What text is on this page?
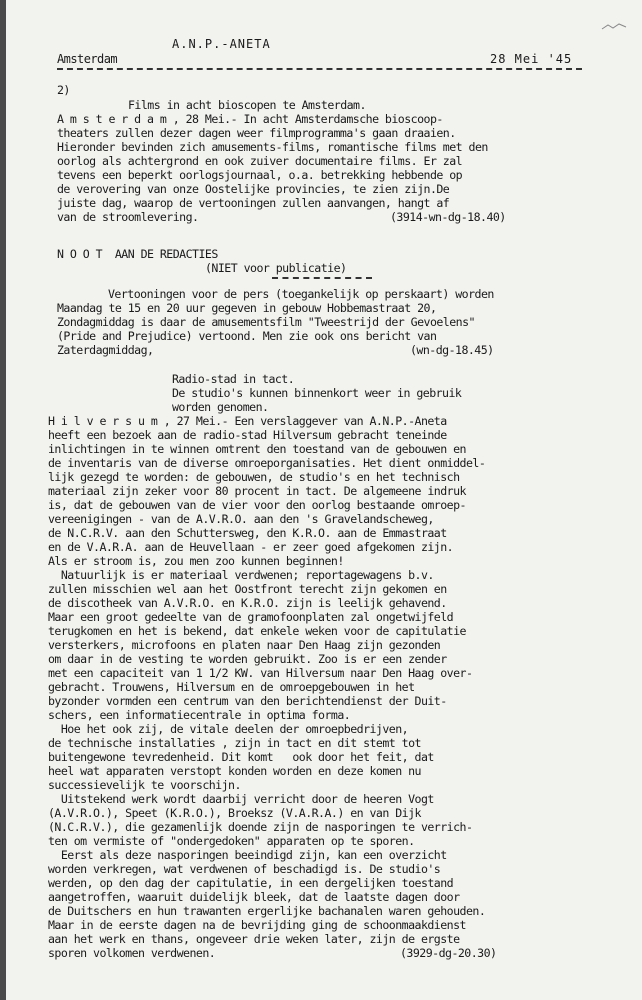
A.N.P.-ANETA
Amsterdam	28 Mei '45
2)
Films in acht bioscopen te Amsterdam.
A m s t e r d a m , 28 Mei.- In acht Amsterdamsche bioscoop-
theaters zullen dezer dagen weer filmprogramma's gaan draaien.
Hieronder bevinden zich amusements-films, romantische films met den
oorlog als achtergrond en ook zuiver documentaire films. Er zal
tevens een beperkt oorlogsjournaal, o.a. betrekking hebbende op
de verovering van onze Oostelijke provincies, te zien zijn.De
juiste dag, waarop de vertooningen zullen aanvangen, hangt af
van de stroomlevering.	(3914-wn-dg-18.40)
N O O T  AAN DE REDACTIES
(NIET voor publicatie)
Vertooningen voor de pers (toegankelijk op perskaart) worden
Maandag te 15 en 20 uur gegeven in gebouw Hobbemastraat 20,
Zondagmiddag is daar de amusementsfilm "Tweestrijd der Gevoelens"
(Pride and Prejudice) vertoond. Men zie ook ons bericht van
Zaterdagmiddag,	(wn-dg-18.45)
Radio-stad in tact.
De studio's kunnen binnenkort weer in gebruik
worden genomen.
H i l v e r s u m , 27 Mei.- Een verslaggever van A.N.P.-Aneta
heeft een bezoek aan de radio-stad Hilversum gebracht teneinde
inlichtingen in te winnen omtrent den toestand van de gebouwen en
de inventaris van de diverse omroeporganisaties. Het dient onmiddel-
lijk gezegd te worden: de gebouwen, de studio's en het technisch
materiaal zijn zeker voor 80 procent in tact. De algemeene indruk
is, dat de gebouwen van de vier voor den oorlog bestaande omroep-
vereenigingen - van de A.V.R.O. aan den 's Gravelandscheweg,
de N.C.R.V. aan den Schuttersweg, den K.R.O. aan de Emmastraat
en de V.A.R.A. aan de Heuvellaan - er zeer goed afgekomen zijn.
Als er stroom is, zou men zoo kunnen beginnen!
Natuurlijk is er materiaal verdwenen; reportagewagens b.v.
zullen misschien wel aan het Oostfront terecht zijn gekomen en
de discotheek van A.V.R.O. en K.R.O. zijn is leelijk gehavend.
Maar een groot gedeelte van de gramofoonplaten zal ongetwijfeld
terugkomen en het is bekend, dat enkele weken voor de capitulatie
versterkers, microfoons en platen naar Den Haag zijn gezonden
om daar in de vesting te worden gebruikt. Zoo is er een zender
met een capaciteit van 1 1/2 KW. van Hilversum naar Den Haag over-
gebracht. Trouwens, Hilversum en de omroepgebouwen in het
byzonder vormden een centrum van den berichtendienst der Duit-
schers, een informatiecentrale in optima forma.
Hoe het ook zij, de vitale deelen der omroepbedrijven,
de technische installaties , zijn in tact en dit stemt tot
buitengewone tevredenheid. Dit komt   ook door het feit, dat
heel wat apparaten verstopt konden worden en deze komen nu
successievelijk te voorschijn.
Uitstekend werk wordt daarbij verricht door de heeren Vogt
(A.V.R.O.), Speet (K.R.O.), Broeksz (V.A.R.A.) en van Dijk
(N.C.R.V.), die gezamenlijk doende zijn de nasporingen te verrich-
ten om vermiste of "ondergedoken" apparaten op te sporen.
Eerst als deze nasporingen beeindigd zijn, kan een overzicht
worden verkregen, wat verdwenen of beschadigd is. De studio's
werden, op den dag der capitulatie, in een dergelijken toestand
aangetroffen, waaruit duidelijk bleek, dat de laatste dagen door
de Duitschers en hun trawanten ergerlijke bachanalen waren gehouden.
Maar in de eerste dagen na de bevrijding ging de schoonmaakdienst
aan het werk en thans, ongeveer drie weken later, zijn de ergste
sporen volkomen verdwenen.	(3929-dg-20.30)
